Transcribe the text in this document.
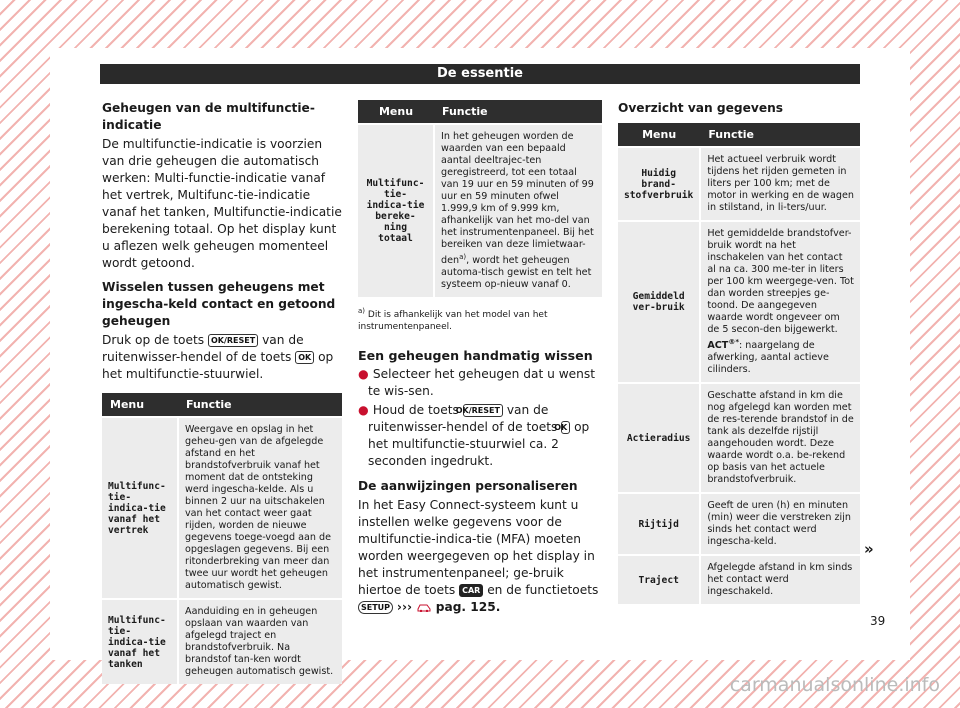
De essentie
Geheugen van de multifunctie-indicatie

De multifunctie-indicatie is voorzien van drie geheugen die automatisch werken: Multi-functie-indicatie vanaf het vertrek, Multifunc-tie-indicatie vanaf het tanken, Multifunctie-indicatie berekening totaal. Op het display kunt u aflezen welk geheugen momenteel wordt getoond.

Wisselen tussen geheugens met ingescha-keld contact en getoond geheugen

Druk op de toets OK/RESET van de ruitenwisser-hendel of de toets OK op het multifunctie-stuurwiel.

Menu	Functie
Multifunc-tie-indica-tie vanaf het vertrek	Weergave en opslag in het geheu-gen van de afgelegde afstand en het brandstofverbruik vanaf het moment dat de ontsteking werd ingescha-kelde. Als u binnen 2 uur na uitschakelen van het contact weer gaat rijden, worden de nieuwe gegevens toege-voegd aan de opgeslagen gegevens. Bij een ritonderbreking van meer dan twee uur wordt het geheugen automatisch gewist.
Multifunc-tie-indica-tie vanaf het tanken	Aanduiding en in geheugen opslaan van waarden van afgelegd traject en brandstofverbruik. Na brandstof tan-ken wordt geheugen automatisch gewist.
Menu	Functie
Multifunc-tie-indica-tie bereke-ning totaal	In het geheugen worden de waarden van een bepaald aantal deeltrajec-ten geregistreerd, tot een totaal van 19 uur en 59 minuten of 99 uur en 59 minuten ofwel 1.999,9 km of 9.999 km, afhankelijk van het mo-del van het instrumentenpaneel. Bij het bereiken van deze limietwaar-den$^{a)}$, wordt het geheugen automa-tisch gewist en telt het systeem op-nieuw vanaf 0.
$^{a)}$ Dit is afhankelijk van het model van het instrumentenpaneel.
Een geheugen handmatig wissen
● Selecteer het geheugen dat u wenst te wis-sen.
● Houd de toets OK/RESET van de ruitenwisser-hendel of de toets OK op het multifunctie-stuurwiel ca. 2 seconden ingedrukt.
De aanwijzingen personaliseren

In het Easy Connect-systeem kunt u instellen welke gegevens voor de multifunctie-indica-tie (MFA) moeten worden weergegeven op het display in het instrumentenpaneel; ge-bruik hiertoe de toets CAR en de functietoets SETUP ››› pag. 125.

Overzicht van gegevens
Menu	Functie
Huidig brand-stofverbruik	Het actueel verbruik wordt tijdens het rijden gemeten in liters per 100 km; met de motor in werking en de wagen in stilstand, in li-ters/uur.
Gemiddeld ver-bruik	Het gemiddelde brandstofver-bruik wordt na het inschakelen van het contact al na ca. 300 me-ter in liters per 100 km weergege-ven. Tot dan worden streepjes ge-toond. De aangegeven waarde wordt ongeveer om de 5 secon-den bijgewerkt. ACT®*: naargelang de afwerking, aantal actieve cilinders.
Actieradius	Geschatte afstand in km die nog afgelegd kan worden met de res-terende brandstof in de tank als dezelfde rijstijl aangehouden wordt. Deze waarde wordt o.a. be-rekend op basis van het actuele brandstofverbruik.
Rijtijd	Geeft de uren (h) en minuten (min) weer die verstreken zijn sinds het contact werd ingescha-keld.
Traject	Afgelegde afstand in km sinds het contact werd ingeschakeld.
»
39
carmanualsonline.info
